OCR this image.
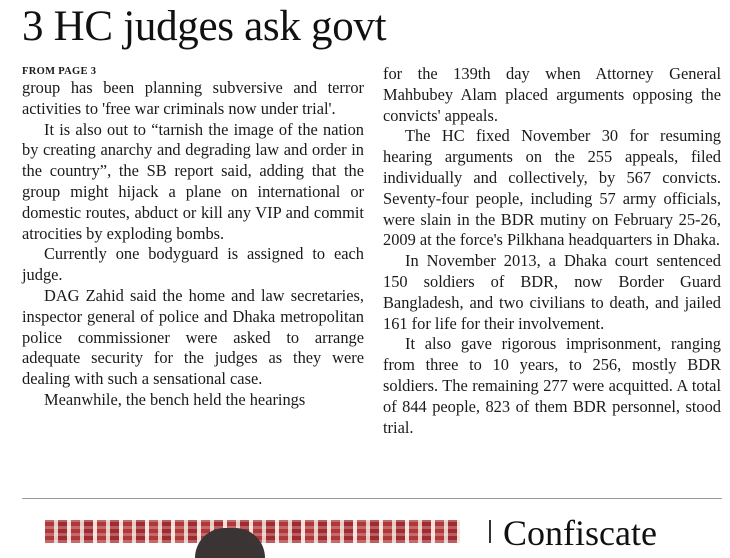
3 HC judges ask govt
FROM PAGE 3

group has been planning subversive and terror activities to 'free war criminals now under trial'.

It is also out to “tarnish the image of the nation by creating anarchy and degrading law and order in the country”, the SB report said, adding that the group might hijack a plane on international or domestic routes, abduct or kill any VIP and commit atrocities by exploding bombs.

Currently one bodyguard is assigned to each judge.

DAG Zahid said the home and law secretaries, inspector general of police and Dhaka metropolitan police commissioner were asked to arrange adequate security for the judges as they were dealing with such a sensational case.

Meanwhile, the bench held the hearings

for the 139th day when Attorney General Mahbubey Alam placed arguments opposing the convicts' appeals.

The HC fixed November 30 for resuming hearing arguments on the 255 appeals, filed individually and collectively, by 567 convicts. Seventy-four people, including 57 army officials, were slain in the BDR mutiny on February 25-26, 2009 at the force's Pilkhana headquarters in Dhaka.

In November 2013, a Dhaka court sentenced 150 soldiers of BDR, now Border Guard Bangladesh, and two civilians to death, and jailed 161 for life for their involvement.

It also gave rigorous imprisonment, ranging from three to 10 years, to 256, mostly BDR soldiers. The remaining 277 were acquitted. A total of 844 people, 823 of them BDR personnel, stood trial.

Confiscate
